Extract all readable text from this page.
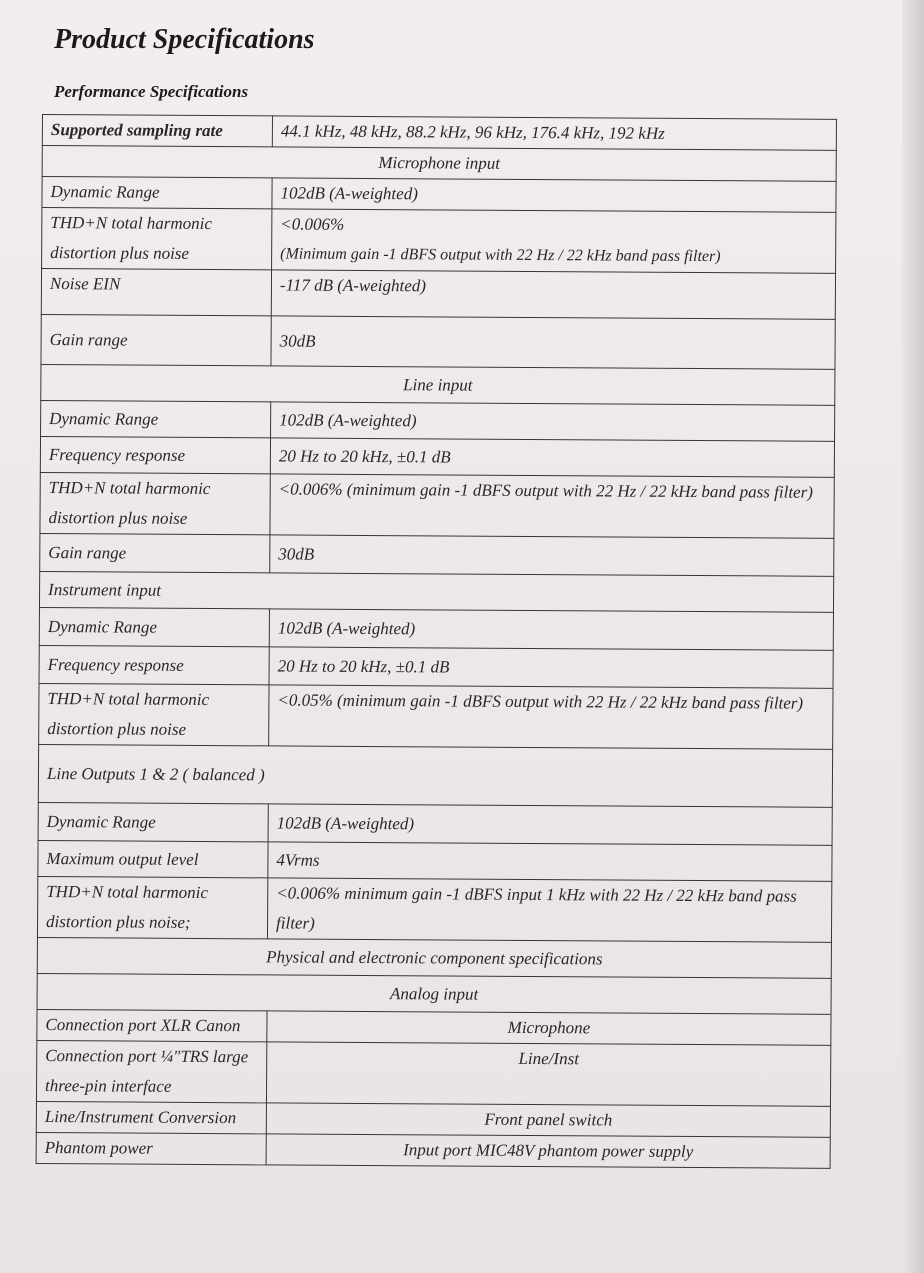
Product Specifications
Performance Specifications
Supported sampling rate	44.1 kHz, 48 kHz, 88.2 kHz, 96 kHz, 176.4 kHz, 192 kHz
Microphone input	
Dynamic Range	102dB (A-weighted)
THD+N total harmonic distortion plus noise	<0.006%
(Minimum gain -1 dBFS output with 22 Hz / 22 kHz band pass filter)

Noise EIN	-117 dB (A-weighted)
Gain range	30dB
Line input	
Dynamic Range	102dB (A-weighted)
Frequency response	20 Hz to 20 kHz, ±0.1 dB
THD+N total harmonic distortion plus noise	<0.006% (minimum gain -1 dBFS output with 22 Hz / 22 kHz band pass filter)
Gain range	30dB
Instrument input	
Dynamic Range	102dB (A-weighted)
Frequency response	20 Hz to 20 kHz, ±0.1 dB
THD+N total harmonic distortion plus noise	<0.05% (minimum gain -1 dBFS output with 22 Hz / 22 kHz band pass filter)
Line Outputs 1 & 2 ( balanced )	
Dynamic Range	102dB (A-weighted)
Maximum output level	4Vrms
THD+N total harmonic distortion plus noise;	<0.006% minimum gain -1 dBFS input 1 kHz with 22 Hz / 22 kHz band pass filter)
Physical and electronic component specifications	
Analog input	
Connection port XLR Canon	Microphone
Connection port ¼"TRS large three-pin interface	Line/Inst
Line/Instrument Conversion	Front panel switch
Phantom power	Input port MIC48V phantom power supply
